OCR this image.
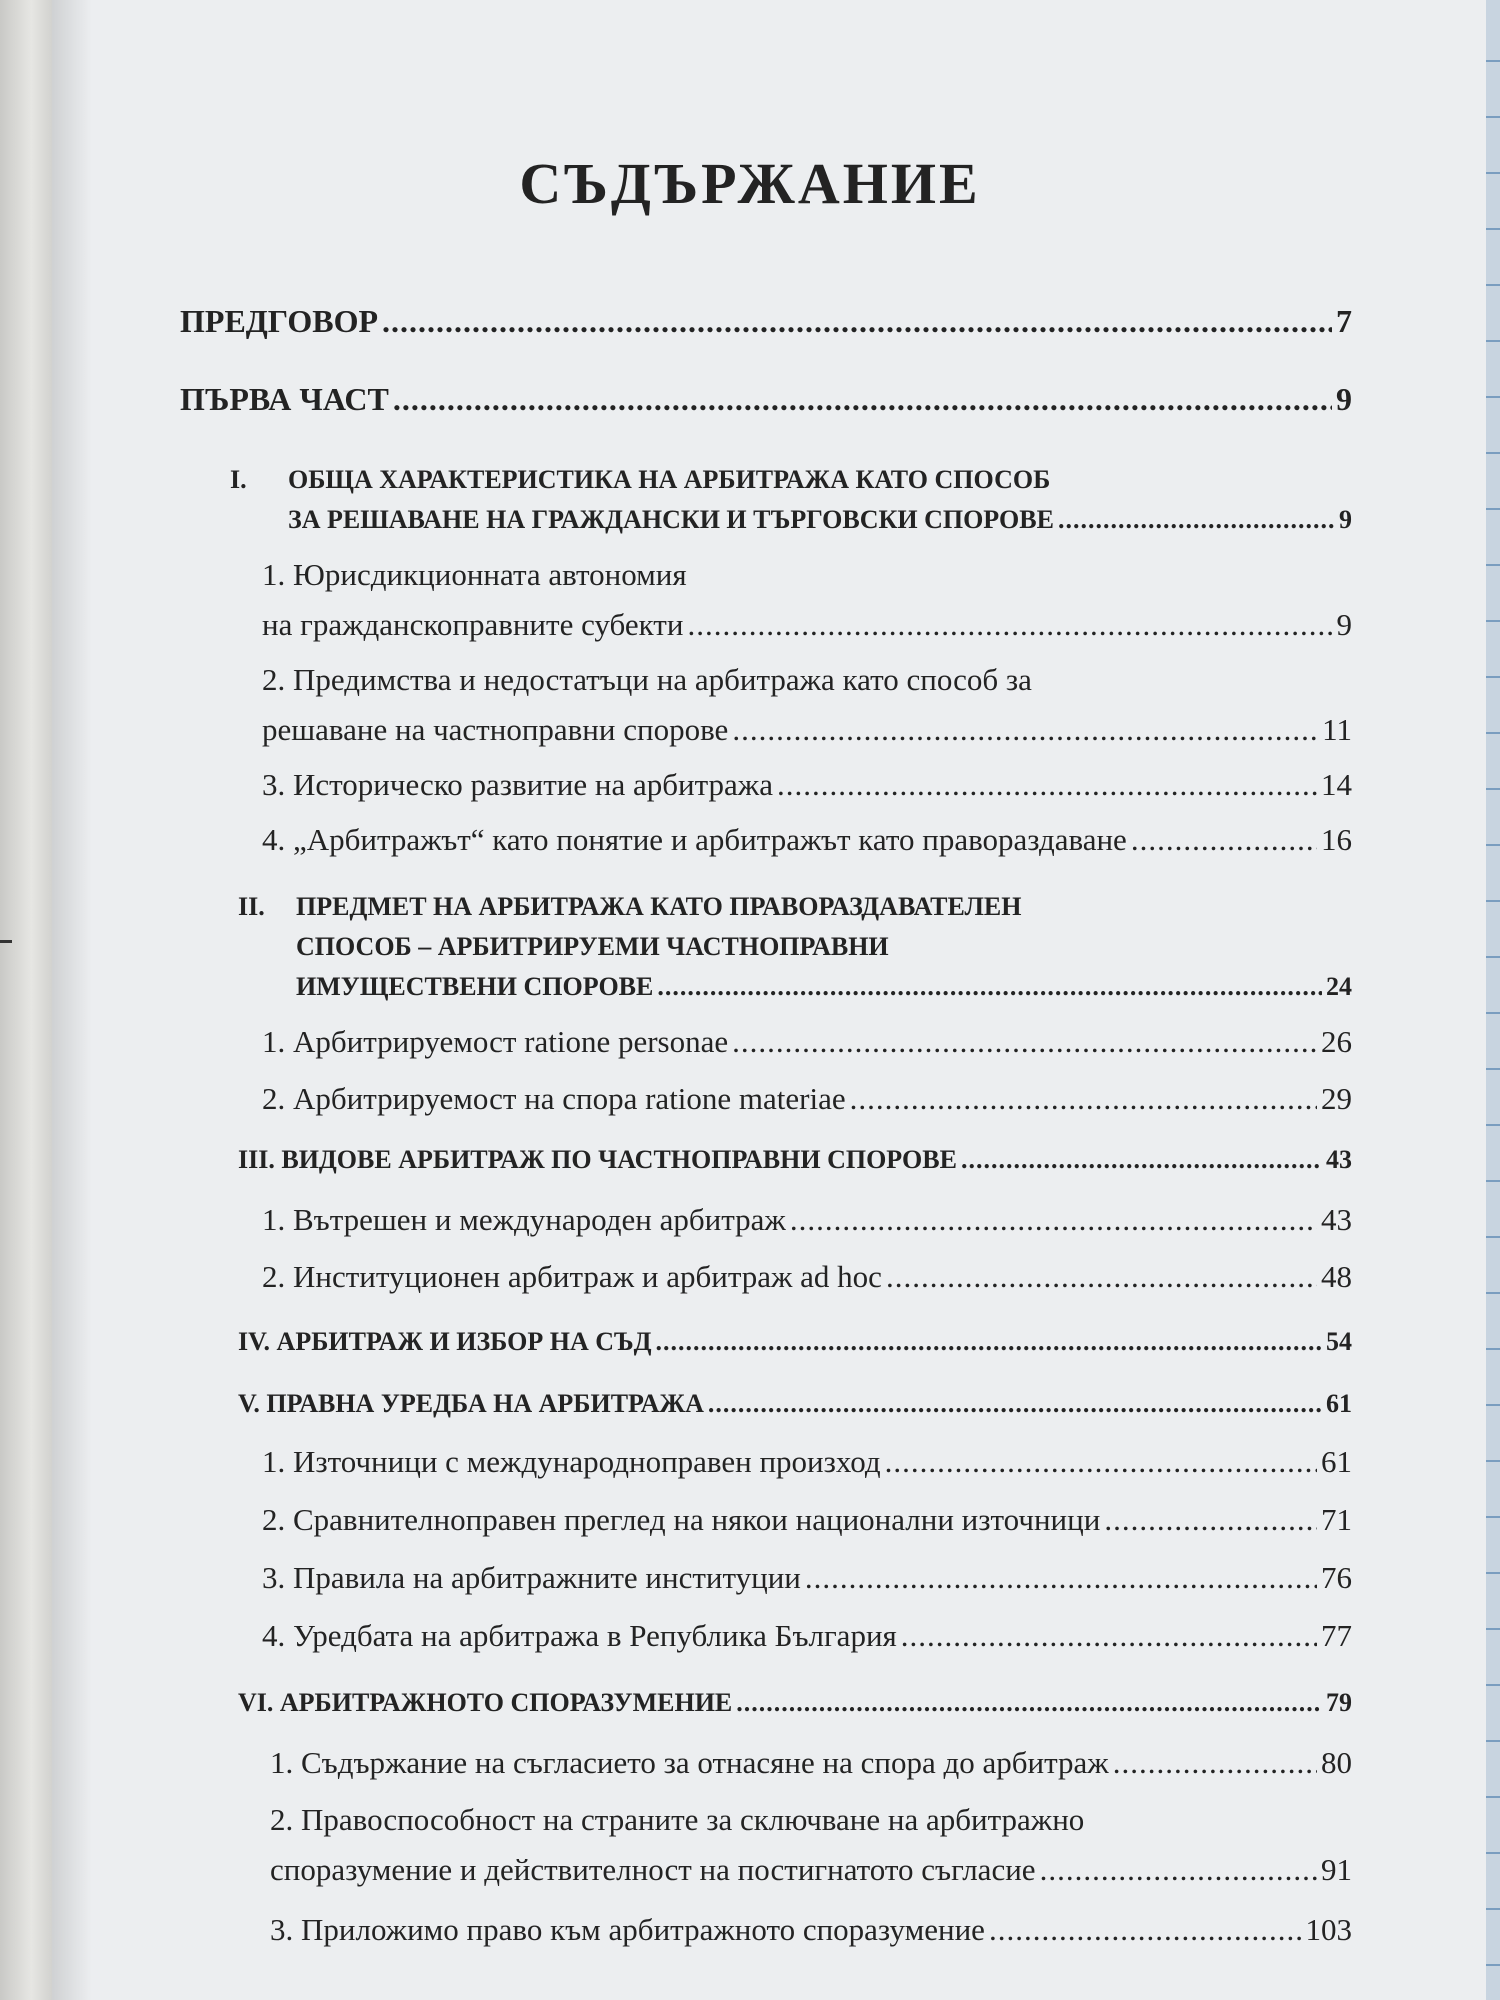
СЪДЪРЖАНИЕ
ПРЕДГОВОР .....	7
ПЪРВА ЧАСТ .....	9
I. ОБЩА ХАРАКТЕРИСТИКА НА АРБИТРАЖА КАТО СПОСОБ
ЗА РЕШАВАНЕ НА ГРАЖДАНСКИ И ТЪРГОВСКИ СПОРОВЕ .....	9
1. Юрисдикционната автономия
на гражданскоправните субекти .....	9
2. Предимства и недостатъци на арбитража като способ за
решаване на частноправни спорове .....	11
3. Историческо развитие на арбитража .....	14
4. „Арбитражът“ като понятие и арбитражът като правораздаване .....	16
II. ПРЕДМЕТ НА АРБИТРАЖА КАТО ПРАВОРАЗДАВАТЕЛЕН
СПОСОБ – АРБИТРИРУЕМИ ЧАСТНОПРАВНИ
ИМУЩЕСТВЕНИ СПОРОВЕ .....	24
1. Арбитрируемост ratione personae .....	26
2. Арбитрируемост на спора ratione materiae .....	29
III. ВИДОВЕ АРБИТРАЖ ПО ЧАСТНОПРАВНИ СПОРОВЕ .....	43
1. Вътрешен и международен арбитраж .....	43
2. Институционен арбитраж и арбитраж ad hoc .....	48
IV. АРБИТРАЖ И ИЗБОР НА СЪД .....	54
V. ПРАВНА УРЕДБА НА АРБИТРАЖА .....	61
1. Източници с международноправен произход .....	61
2. Сравнителноправен преглед на някои национални източници .....	71
3. Правила на арбитражните институции .....	76
4. Уредбата на арбитража в Република България .....	77
VI. АРБИТРАЖНОТО СПОРАЗУМЕНИЕ .....	79
1. Съдържание на съгласието за отнасяне на спора до арбитраж .....	80
2. Правоспособност на страните за сключване на арбитражно
споразумение и действителност на постигнатото съгласие .....	91
3. Приложимо право към арбитражното споразумение .....	103
